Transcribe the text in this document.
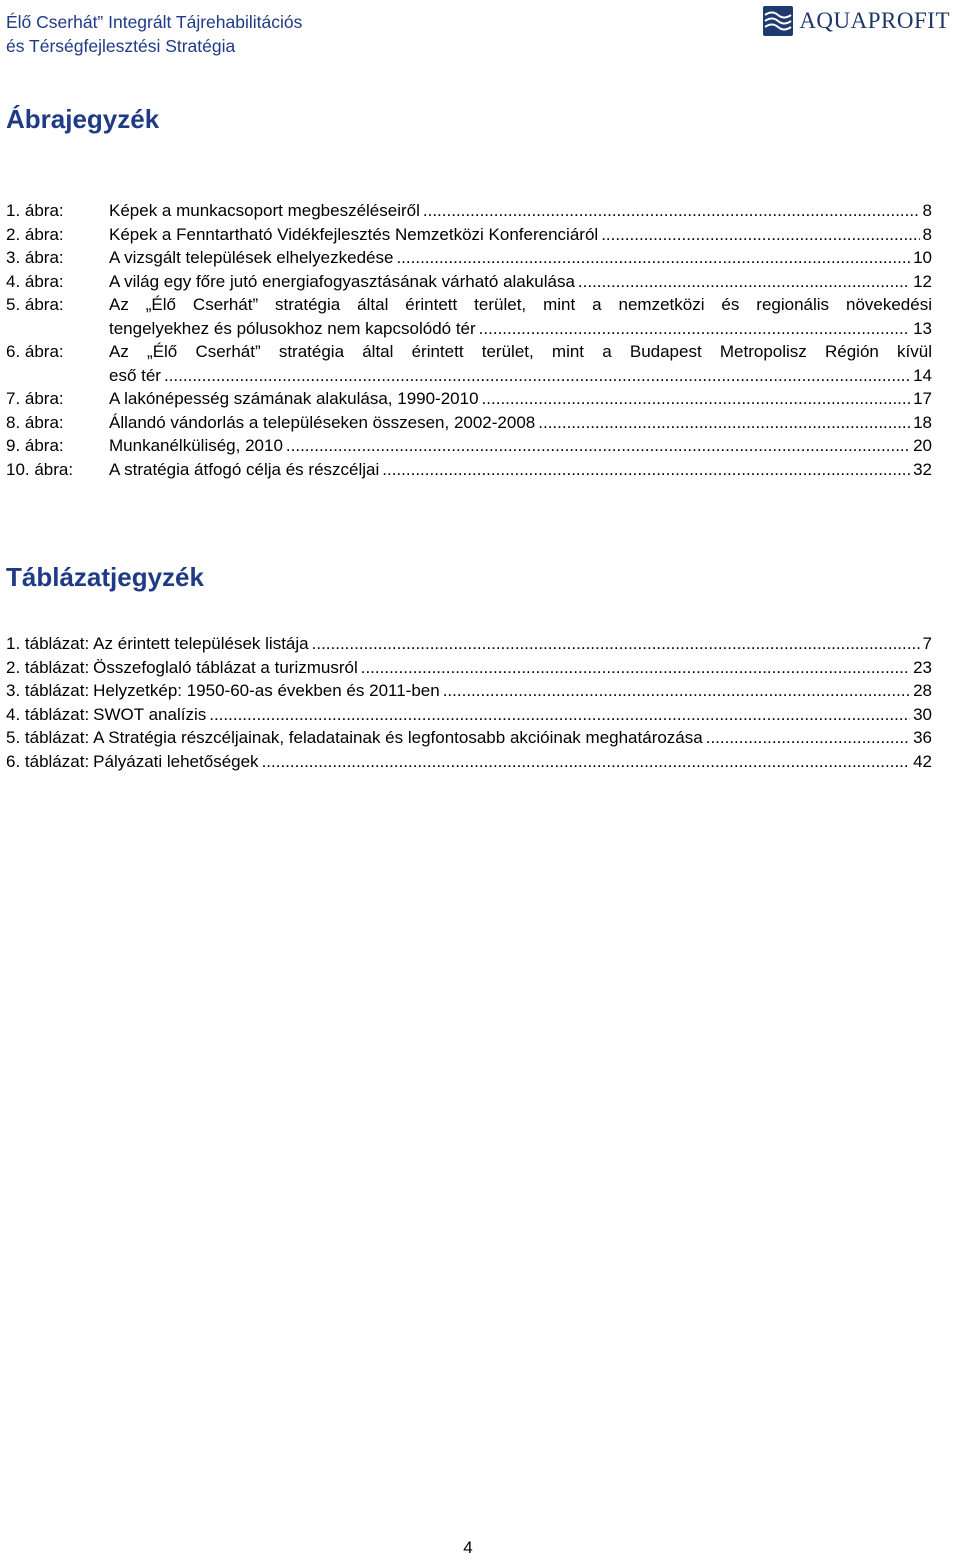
Élő Cserhát” Integrált Tájrehabilitációs
és Térségfejlesztési Stratégia
AQUAPROFIT
Ábrajegyzék
1. ábra:	Képek a munkacsoport megbeszéléseiről .....	8
2. ábra:	Képek a Fenntartható Vidékfejlesztés Nemzetközi Konferenciáról .....	8
3. ábra:	A vizsgált települések elhelyezkedése .....	10
4. ábra:	A világ egy főre jutó energiafogyasztásának várható alakulása .....	12
5. ábra:	Az „Élő Cserhát” stratégia által érintett terület, mint a nemzetközi és regionális növekedési
tengelyekhez és pólusokhoz nem kapcsolódó tér .....	13
6. ábra:	Az „Élő Cserhát” stratégia által érintett terület, mint a Budapest Metropolisz Régión kívül
eső tér .....	14
7. ábra:	A lakónépesség számának alakulása, 1990-2010 .....	17
8. ábra:	Állandó vándorlás a településeken összesen, 2002-2008 .....	18
9. ábra:	Munkanélküliség, 2010 .....	20
10. ábra:	A stratégia átfogó célja és részcéljai .....	32
Táblázatjegyzék
1. táblázat: Az érintett települések listája .....	7
2. táblázat: Összefoglaló táblázat a turizmusról .....	23
3. táblázat: Helyzetkép: 1950-60-as években és 2011-ben .....	28
4. táblázat: SWOT analízis .....	30
5. táblázat: A Stratégia részcéljainak, feladatainak és legfontosabb akcióinak meghatározása .....	36
6. táblázat: Pályázati lehetőségek .....	42
4
